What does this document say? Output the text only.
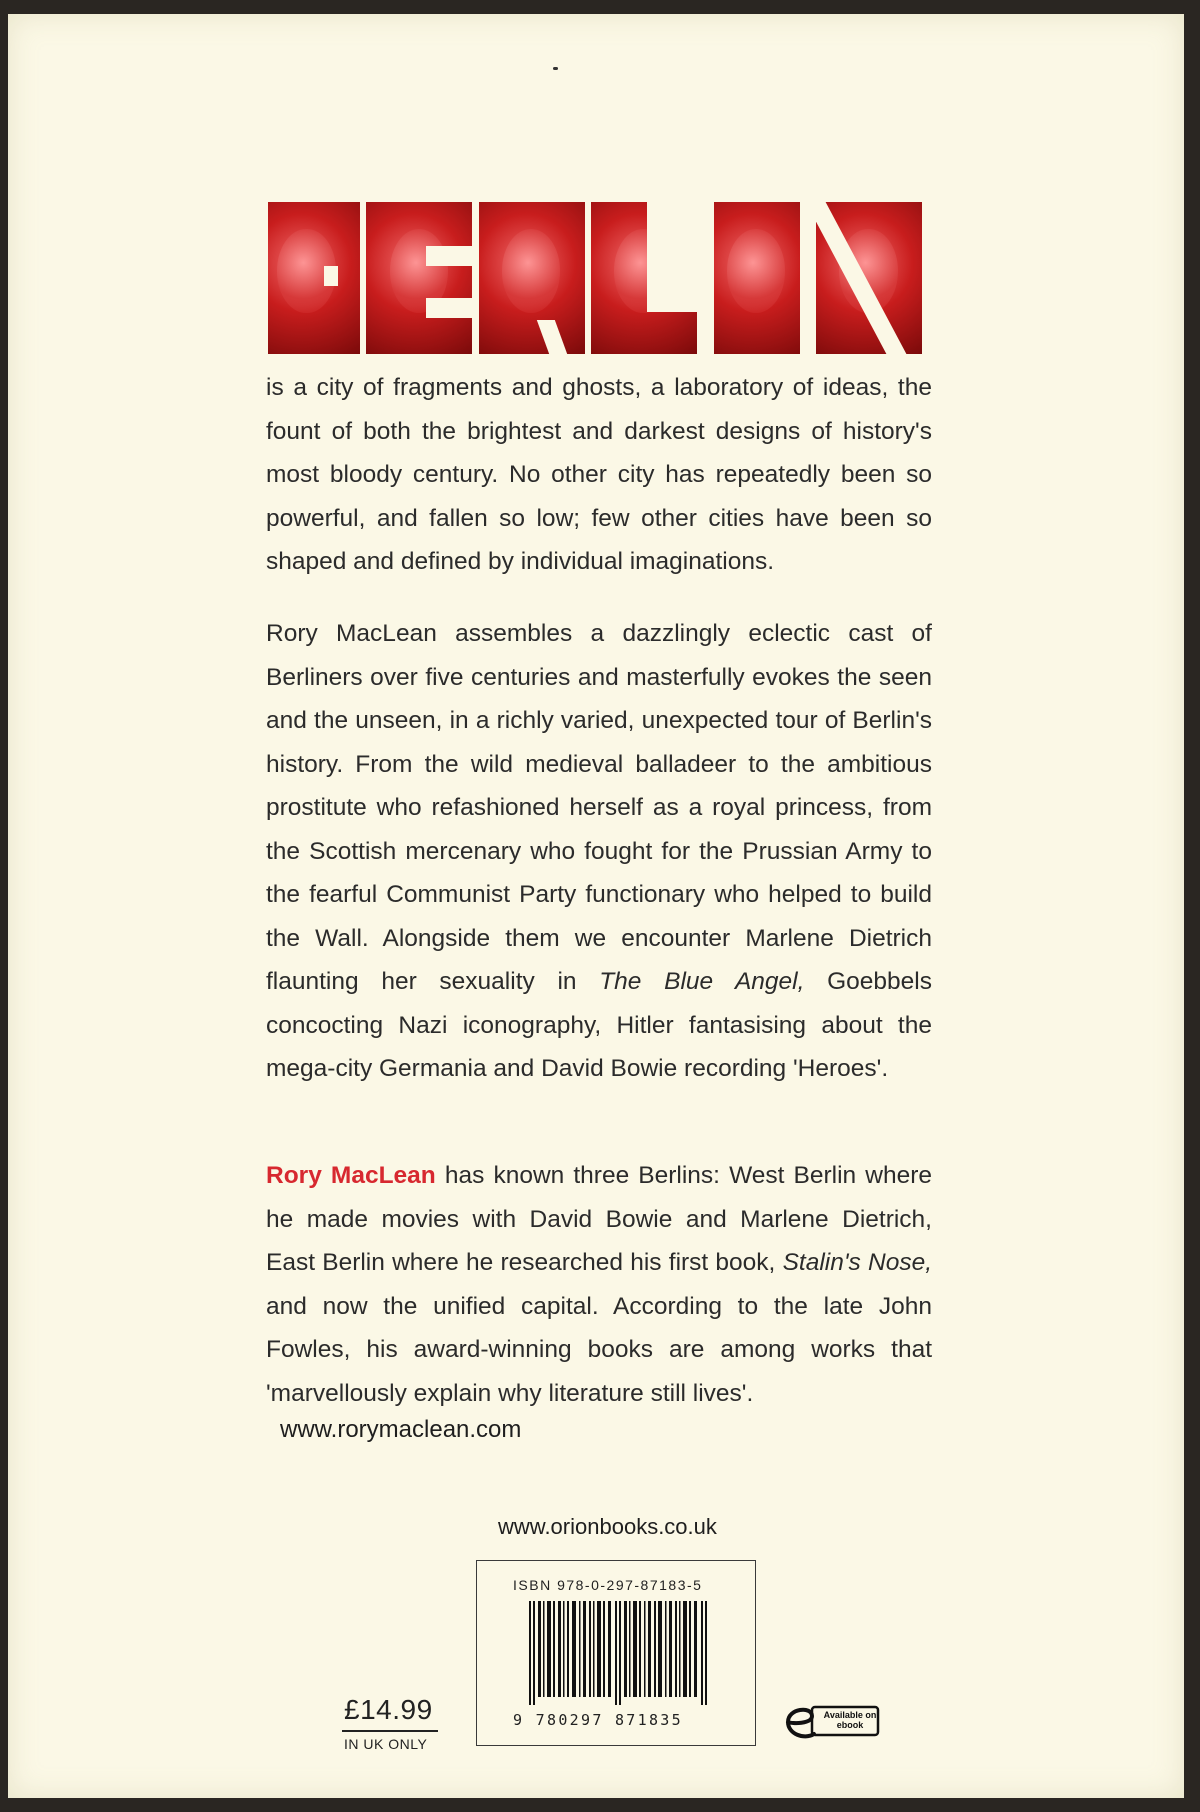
is a city of fragments and ghosts, a laboratory of ideas, the fount of both the brightest and darkest designs of history's most bloody century. No other city has repeatedly been so powerful, and fallen so low; few other cities have been so shaped and defined by individual imaginations.
Rory MacLean assembles a dazzlingly eclectic cast of Berliners over five centuries and masterfully evokes the seen and the unseen, in a richly varied, unexpected tour of Berlin's history. From the wild medieval balladeer to the ambitious prostitute who refashioned herself as a royal princess, from the Scottish mercenary who fought for the Prussian Army to the fearful Communist Party functionary who helped to build the Wall. Alongside them we encounter Marlene Dietrich flaunting her sexuality in The Blue Angel, Goebbels concocting Nazi iconography, Hitler fantasising about the mega-city Germania and David Bowie recording 'Heroes'.
Rory MacLean has known three Berlins: West Berlin where he made movies with David Bowie and Marlene Dietrich, East Berlin where he researched his first book, Stalin's Nose, and now the unified capital. According to the late John Fowles, his award-winning books are among works that 'marvellously explain why literature still lives'.
www.rorymaclean.com
www.orionbooks.co.uk
ISBN 978-0-297-87183-5
9 780297 871835
£14.99
IN UK ONLY
Available on ebook
